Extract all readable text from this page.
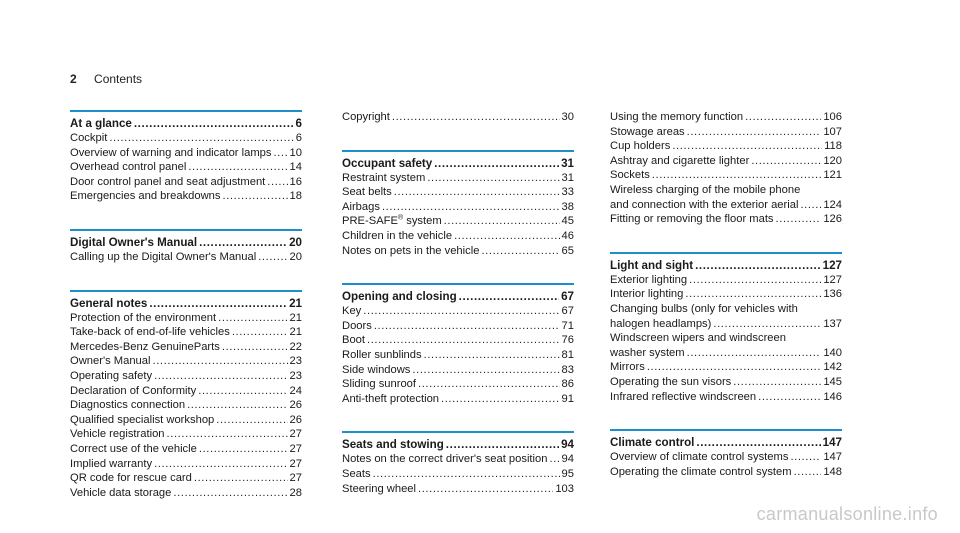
2 Contents
At a glance .....	6
Cockpit .....	6
Overview of warning and indicator lamps ..... 10
Overhead control panel .....	14
Door control panel and seat adjustment ..... 16
Emergencies and breakdowns .....	18
Digital Owner's Manual .....	20
Calling up the Digital Owner's Manual .....	20
General notes .....	21
Protection of the environment .....	21
Take-back of end-of-life vehicles .....	21
Mercedes-Benz GenuineParts .....	22
Owner's Manual .....	23
Operating safety .....	23
Declaration of Conformity .....	24
Diagnostics connection .....	26
Qualified specialist workshop .....	26
Vehicle registration .....	27
Correct use of the vehicle .....	27
Implied warranty .....	27
QR code for rescue card .....	27
Vehicle data storage .....	28
Copyright .....	30
Occupant safety .....	31
Restraint system .....	31
Seat belts .....	33
Airbags .....	38
PRE-SAFE® system .....	45
Children in the vehicle .....	46
Notes on pets in the vehicle .....	65
Opening and closing .....	67
Key .....	67
Doors .....	71
Boot .....	76
Roller sunblinds .....	81
Side windows .....	83
Sliding sunroof .....	86
Anti-theft protection .....	91
Seats and stowing .....	94
Notes on the correct driver's seat position ..... 94
Seats .....	95
Steering wheel .....	103
Using the memory function .....	106
Stowage areas .....	107
Cup holders .....	118
Ashtray and cigarette lighter .....	120
Sockets .....	121
Wireless charging of the mobile phone
and connection with the exterior aerial ..... 124
Fitting or removing the floor mats .....	126
Light and sight .....	127
Exterior lighting .....	127
Interior lighting .....	136
Changing bulbs (only for vehicles with
halogen headlamps) .....	137
Windscreen wipers and windscreen
washer system .....	140
Mirrors .....	142
Operating the sun visors .....	145
Infrared reflective windscreen .....	146
Climate control .....	147
Overview of climate control systems .....	147
Operating the climate control system .....	148
carmanualsonline.info
